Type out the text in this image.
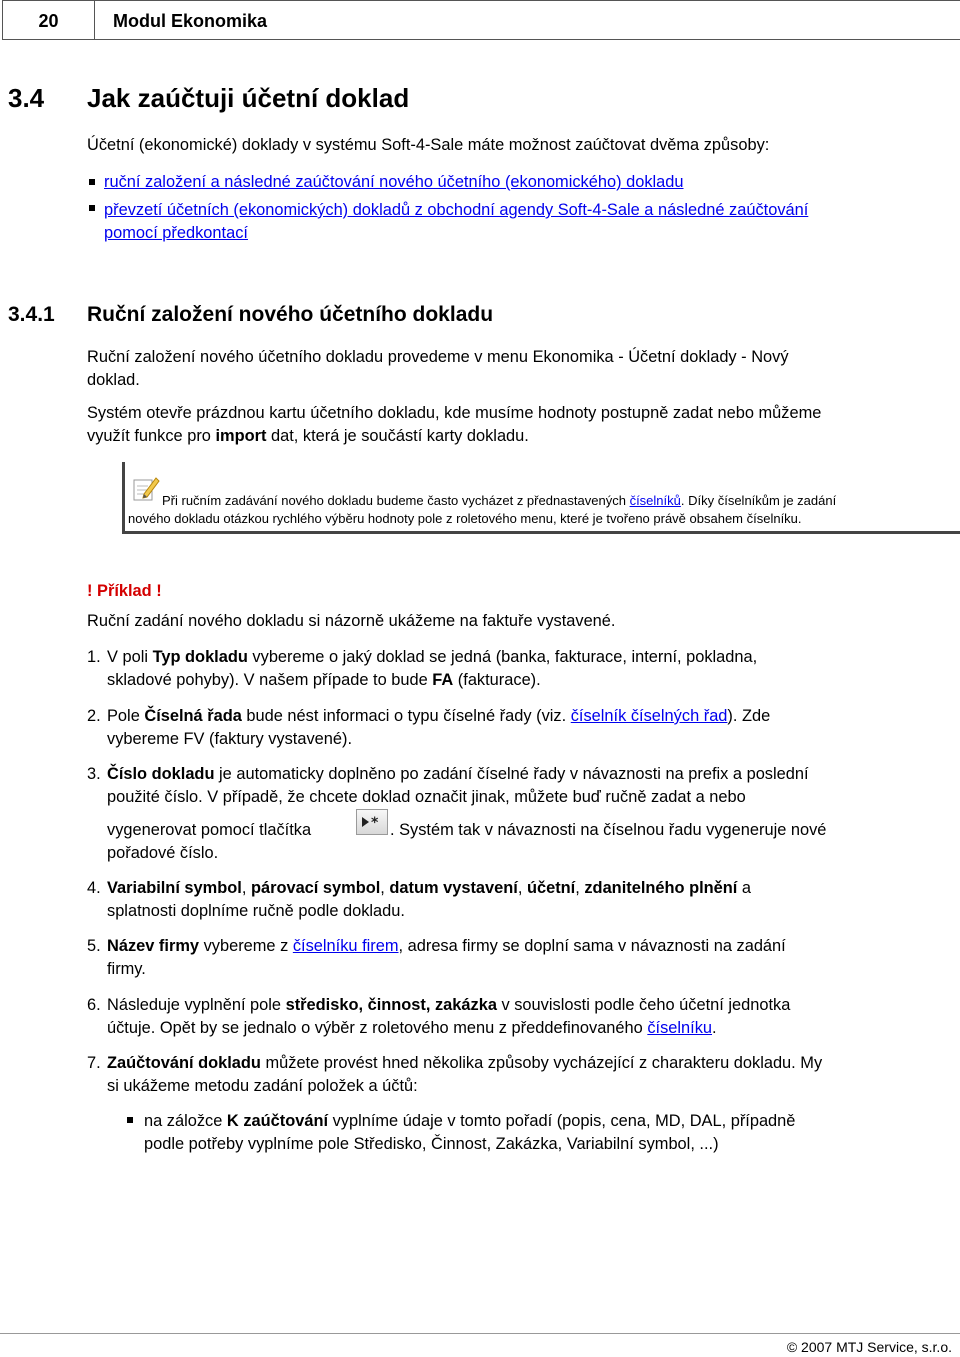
20	Modul Ekonomika
3.4 Jak zaúčtuji účetní doklad
Účetní (ekonomické) doklady v systému Soft-4-Sale máte možnost zaúčtovat dvěma způsoby:
ruční založení a následné zaúčtování nového účetního (ekonomického) dokladu
převzetí účetních (ekonomických) dokladů z obchodní agendy Soft-4-Sale a následné zaúčtování
pomocí předkontací
3.4.1 Ruční založení nového účetního dokladu
Ruční založení nového účetního dokladu provedeme v menu Ekonomika - Účetní doklady - Nový
doklad.
Systém otevře prázdnou kartu účetního dokladu, kde musíme hodnoty postupně zadat nebo můžeme
využít funkce pro import dat, která je součástí karty dokladu.
Při ručním zadávání nového dokladu budeme často vycházet z přednastavených číselníků. Díky číselníkům je zadání
nového dokladu otázkou rychlého výběru hodnoty pole z roletového menu, které je tvořeno právě obsahem číselníku.
! Příklad !
Ruční zadání nového dokladu si názorně ukážeme na faktuře vystavené.
1. V poli Typ dokladu vybereme o jaký doklad se jedná (banka, fakturace, interní, pokladna,
skladové pohyby). V našem případe to bude FA (fakturace).
2. Pole Číselná řada bude nést informaci o typu číselné řady (viz. číselník číselných řad). Zde
vybereme FV (faktury vystavené).
3. Číslo dokladu je automaticky doplněno po zadání číselné řady v návaznosti na prefix a poslední
použité číslo. V případě, že chcete doklad označit jinak, můžete buď ručně zadat a nebo
vygenerovat pomocí tlačítka	* . Systém tak v návaznosti na číselnou řadu vygeneruje nové
pořadové číslo.
4. Variabilní symbol, párovací symbol, datum vystavení, účetní, zdanitelného plnění a
splatnosti doplníme ručně podle dokladu.
5. Název firmy vybereme z číselníku firem, adresa firmy se doplní sama v návaznosti na zadání
firmy.
6. Následuje vyplnění pole středisko, činnost, zakázka v souvislosti podle čeho účetní jednotka
účtuje. Opět by se jednalo o výběr z roletového menu z předdefinovaného číselníku.
7. Zaúčtování dokladu můžete provést hned několika způsoby vycházející z charakteru dokladu. My
si ukážeme metodu zadání položek a účtů:
na záložce K zaúčtování vyplníme údaje v tomto pořadí (popis, cena, MD, DAL, případně
podle potřeby vyplníme pole Středisko, Činnost, Zakázka, Variabilní symbol, ...)
© 2007 MTJ Service, s.r.o.
